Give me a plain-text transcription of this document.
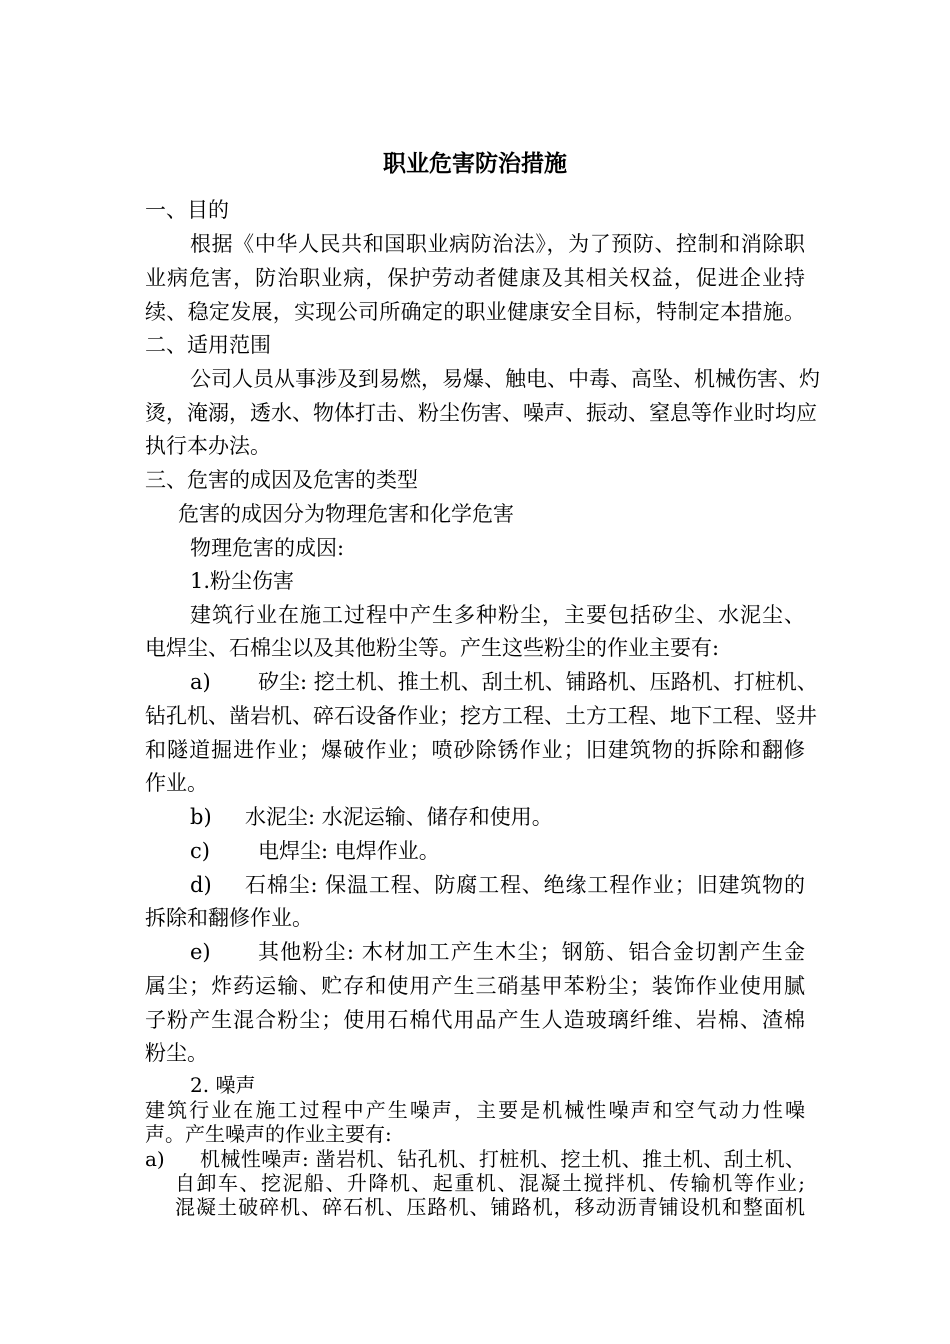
职业危害防治措施
一、目的
根据《中华人民共和国职业病防治法》，为了预防、控制和消除职
业病危害，防治职业病，保护劳动者健康及其相关权益，促进企业持
续、稳定发展，实现公司所确定的职业健康安全目标，特制定本措施。
二、适用范围
公司人员从事涉及到易燃，易爆、触电、中毒、高坠、机械伤害、灼
烫，淹溺，透水、物体打击、粉尘伤害、噪声、振动、窒息等作业时均应
执行本办法。
三、危害的成因及危害的类型
危害的成因分为物理危害和化学危害
物理危害的成因:
1.粉尘伤害
建筑行业在施工过程中产生多种粉尘，主要包括矽尘、水泥尘、
电焊尘、石棉尘以及其他粉尘等。产生这些粉尘的作业主要有:
a) 矽尘: 挖土机、推土机、刮土机、铺路机、压路机、打桩机、
钻孔机、凿岩机、碎石设备作业；挖方工程、土方工程、地下工程、竖井
和隧道掘进作业；爆破作业；喷砂除锈作业；旧建筑物的拆除和翻修
作业。
b) 水泥尘: 水泥运输、储存和使用。
c) 电焊尘: 电焊作业。
d) 石棉尘: 保温工程、防腐工程、绝缘工程作业；旧建筑物的
拆除和翻修作业。
e) 其他粉尘: 木材加工产生木尘；钢筋、铝合金切割产生金
属尘；炸药运输、贮存和使用产生三硝基甲苯粉尘；装饰作业使用腻
子粉产生混合粉尘；使用石棉代用品产生人造玻璃纤维、岩棉、渣棉
粉尘。
2. 噪声
建筑行业在施工过程中产生噪声，主要是机械性噪声和空气动力性噪
声。产生噪声的作业主要有:
a) 机械性噪声: 凿岩机、钻孔机、打桩机、挖土机、推土机、刮土机、
自卸车、挖泥船、升降机、起重机、混凝土搅拌机、传输机等作业;
混凝土破碎机、碎石机、压路机、铺路机，移动沥青铺设机和整面机
